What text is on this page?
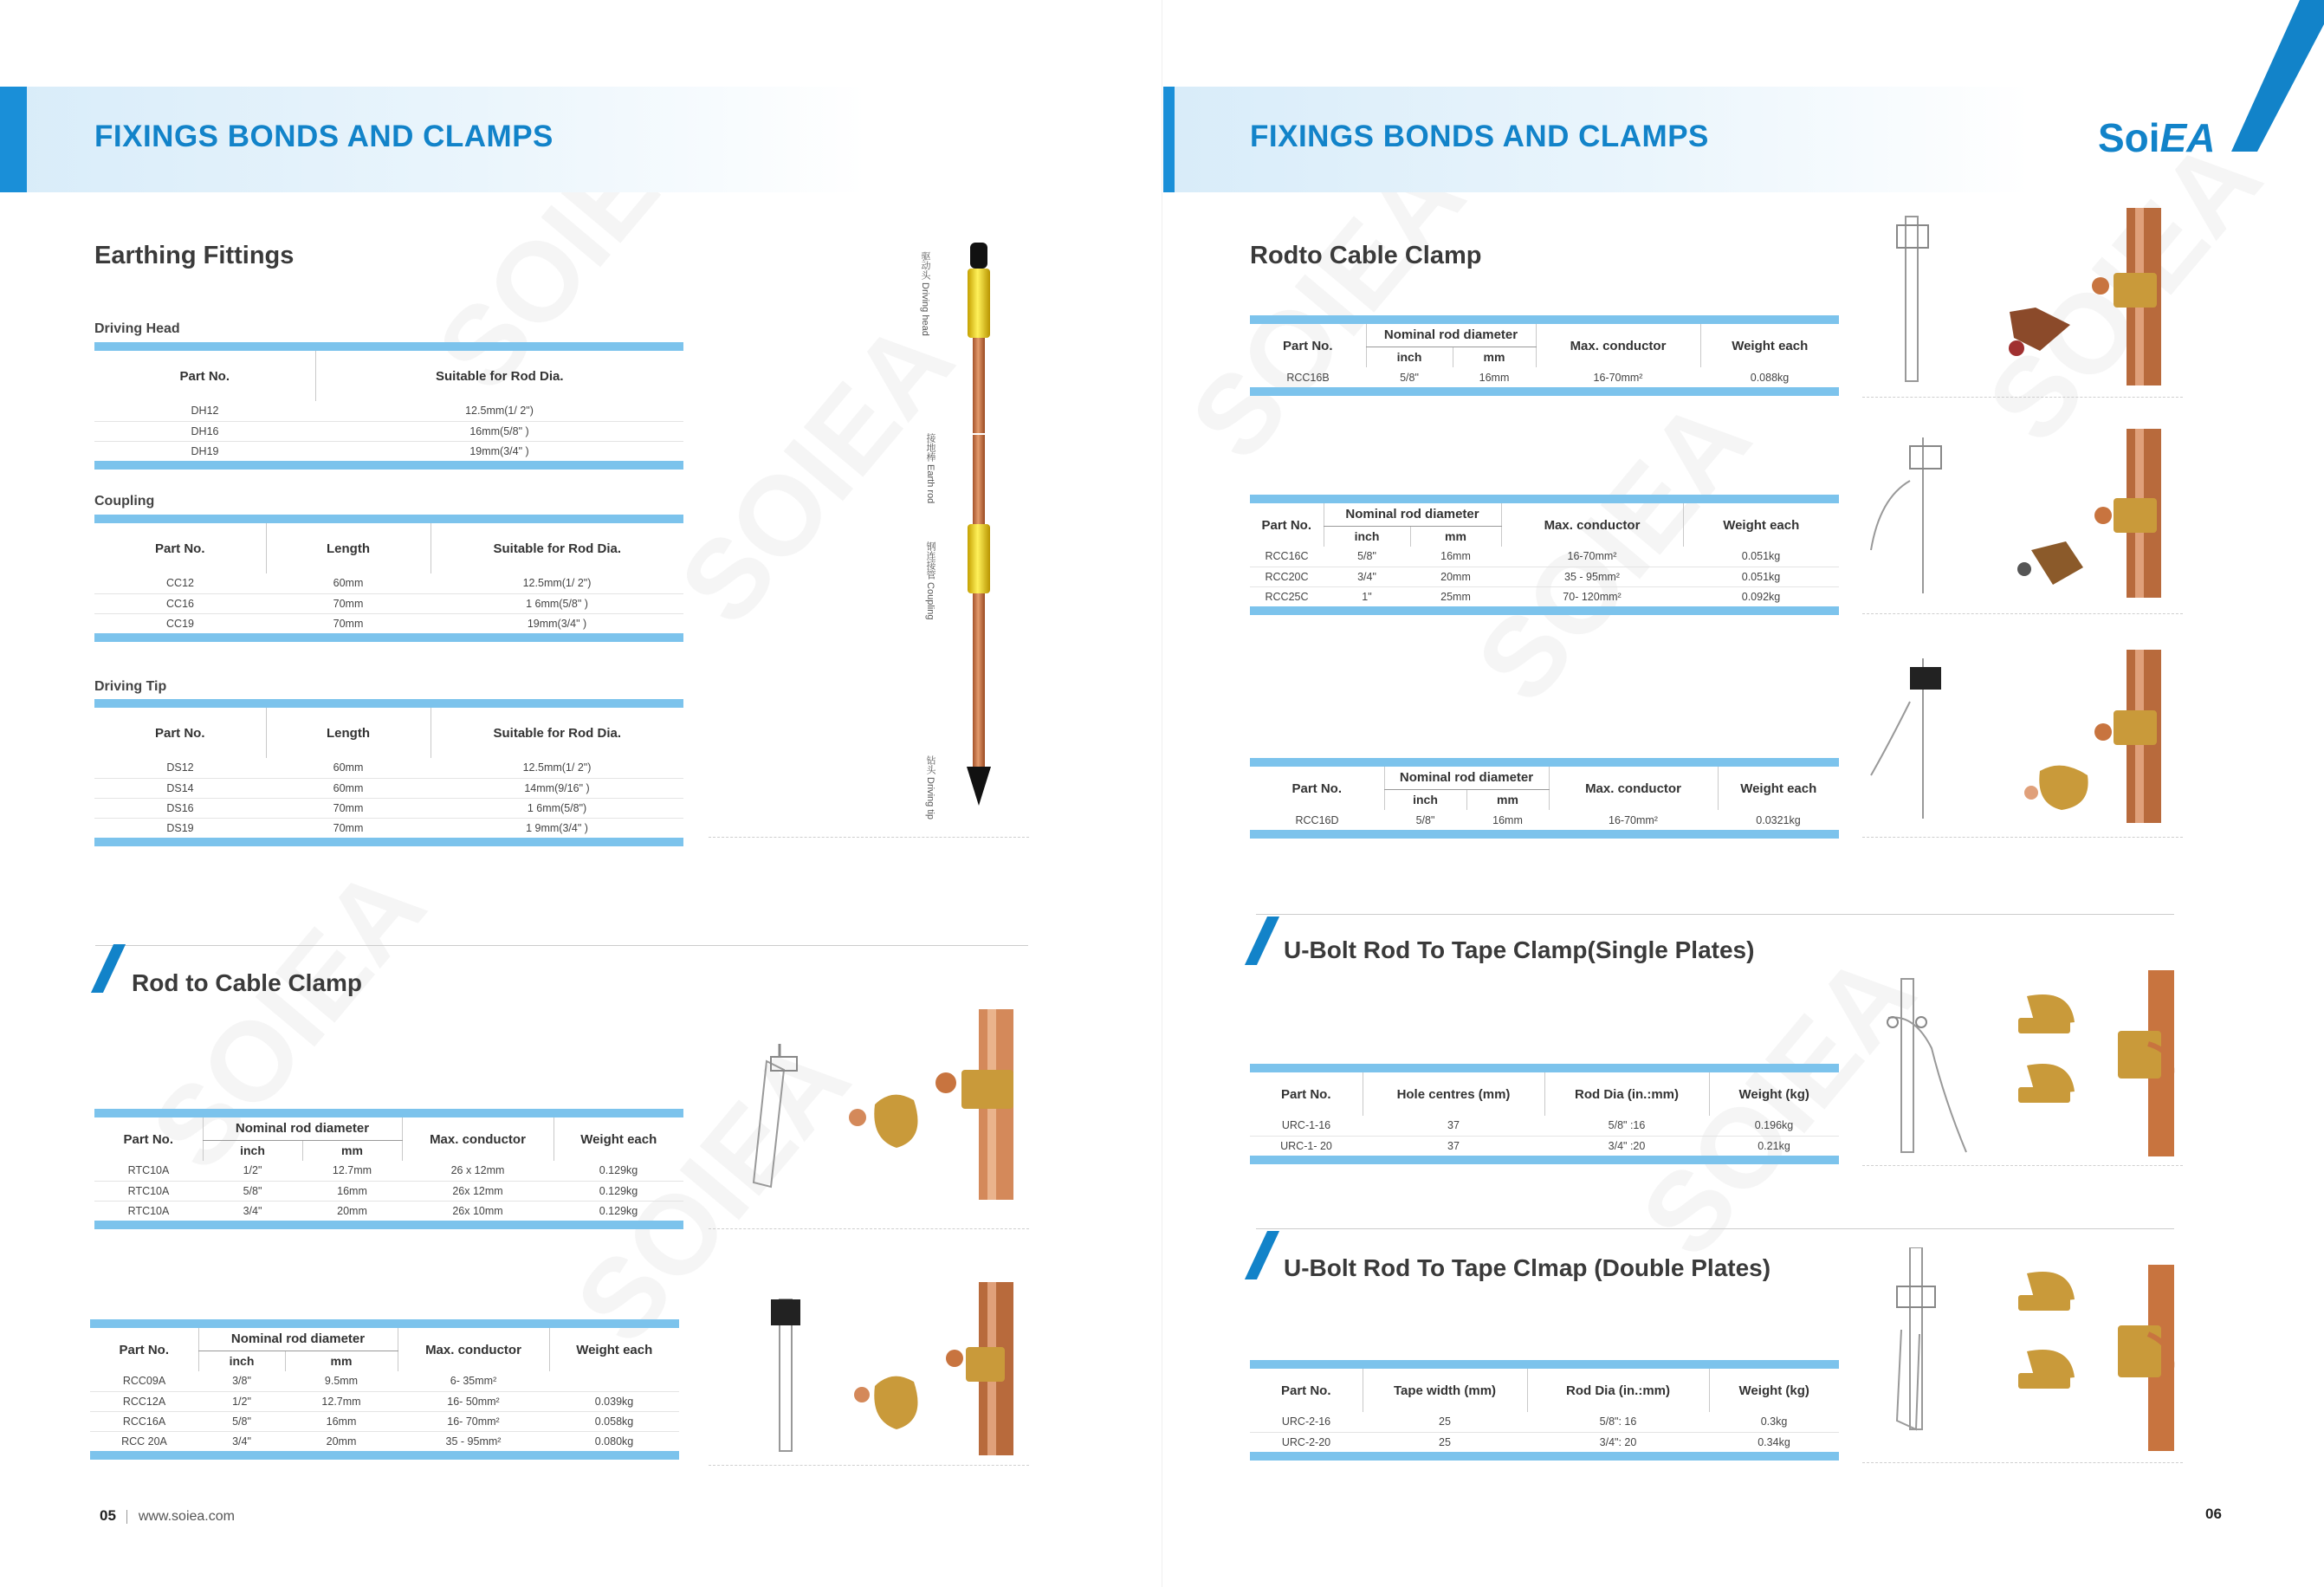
FIXINGS BONDS AND CLAMPS	FIXINGS BONDS AND CLAMPS	SoiEA
Earthing Fittings
Driving Head
Part No.	Suitable for Rod Dia.
DH12	12.5mm(1/ 2")
DH16	16mm(5/8" )
DH19	19mm(3/4" )
Coupling
Part No.	Length	Suitable for Rod Dia.
CC12	60mm	12.5mm(1/ 2")
CC16	70mm	1 6mm(5/8" )
CC19	70mm	19mm(3/4" )
Driving Tip
Part No.	Length	Suitable for Rod Dia.
DS12	60mm	12.5mm(1/ 2")
DS14	60mm	14mm(9/16" )
DS16	70mm	1 6mm(5/8")
DS19	70mm	1 9mm(3/4" )
驱动头 Driving head
接地棒 Earth rod
钢连接管 Coupling
钻头 Driving tip
Rod to Cable Clamp
Part No.	Nominal rod diameter		Max. conductor	Weight each
	inch	mm		
RTC10A	1/2"	12.7mm	26 x 12mm	0.129kg
RTC10A	5/8"	16mm	26x 12mm	0.129kg
RTC10A	3/4"	20mm	26x 10mm	0.129kg
Part No.	Nominal rod diameter		Max. conductor	Weight each
	inch	mm		
RCC09A	3/8"	9.5mm	6- 35mm²	
RCC12A	1/2"	12.7mm	16- 50mm²	0.039kg
RCC16A	5/8"	16mm	16- 70mm²	0.058kg
RCC 20A	3/4"	20mm	35 - 95mm²	0.080kg
05 www.soiea.com
Rodto Cable Clamp
Part No.	Nominal rod diameter		Max. conductor	Weight each
	inch	mm		
RCC16B	5/8"	16mm	16-70mm²	0.088kg
Part No.	Nominal rod diameter		Max. conductor	Weight each
	inch	mm		
RCC16C	5/8"	16mm	16-70mm²	0.051kg
RCC20C	3/4"	20mm	35 - 95mm²	0.051kg
RCC25C	1"	25mm	70- 120mm²	0.092kg
Part No.	Nominal rod diameter		Max. conductor	Weight each
	inch	mm		
RCC16D	5/8"	16mm	16-70mm²	0.0321kg
U-Bolt Rod To Tape Clamp(Single Plates)
Part No.	Hole centres (mm)	Rod Dia (in.:mm)	Weight (kg)
URC-1-16	37	5/8" :16	0.196kg
URC-1- 20	37	3/4" :20	0.21kg
U-Bolt Rod To Tape Clmap (Double Plates)
Part No.	Tape width (mm)	Rod Dia (in.:mm)	Weight (kg)
URC-2-16	25	5/8": 16	0.3kg
URC-2-20	25	3/4": 20	0.34kg
06
